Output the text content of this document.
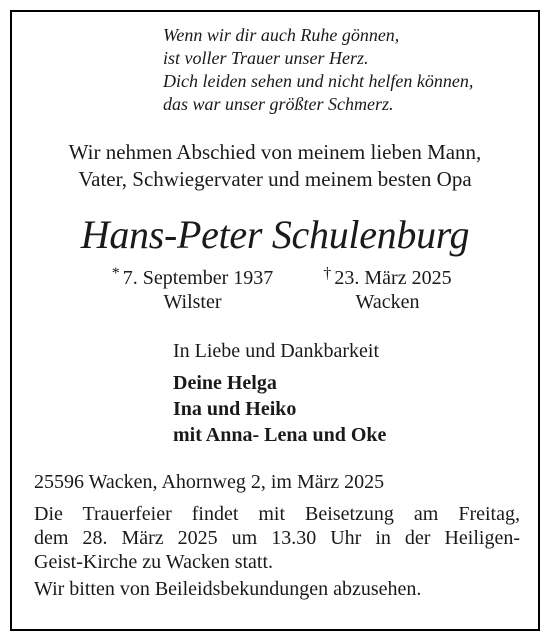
Wenn wir dir auch Ruhe gönnen,
ist voller Trauer unser Herz.
Dich leiden sehen und nicht helfen können,
das war unser größter Schmerz.
Wir nehmen Abschied von meinem lieben Mann,
Vater, Schwiegervater und meinem besten Opa
Hans-Peter Schulenburg
* 7. September 1937
Wilster
† 23. März 2025
Wacken
In Liebe und Dankbarkeit
Deine Helga
Ina und Heiko
mit Anna- Lena und Oke
25596 Wacken, Ahornweg 2, im März 2025
Die Trauerfeier findet mit Beisetzung am Freitag,
dem 28. März 2025 um 13.30 Uhr in der Heiligen-
Geist-Kirche zu Wacken statt.
Wir bitten von Beileidsbekundungen abzusehen.
